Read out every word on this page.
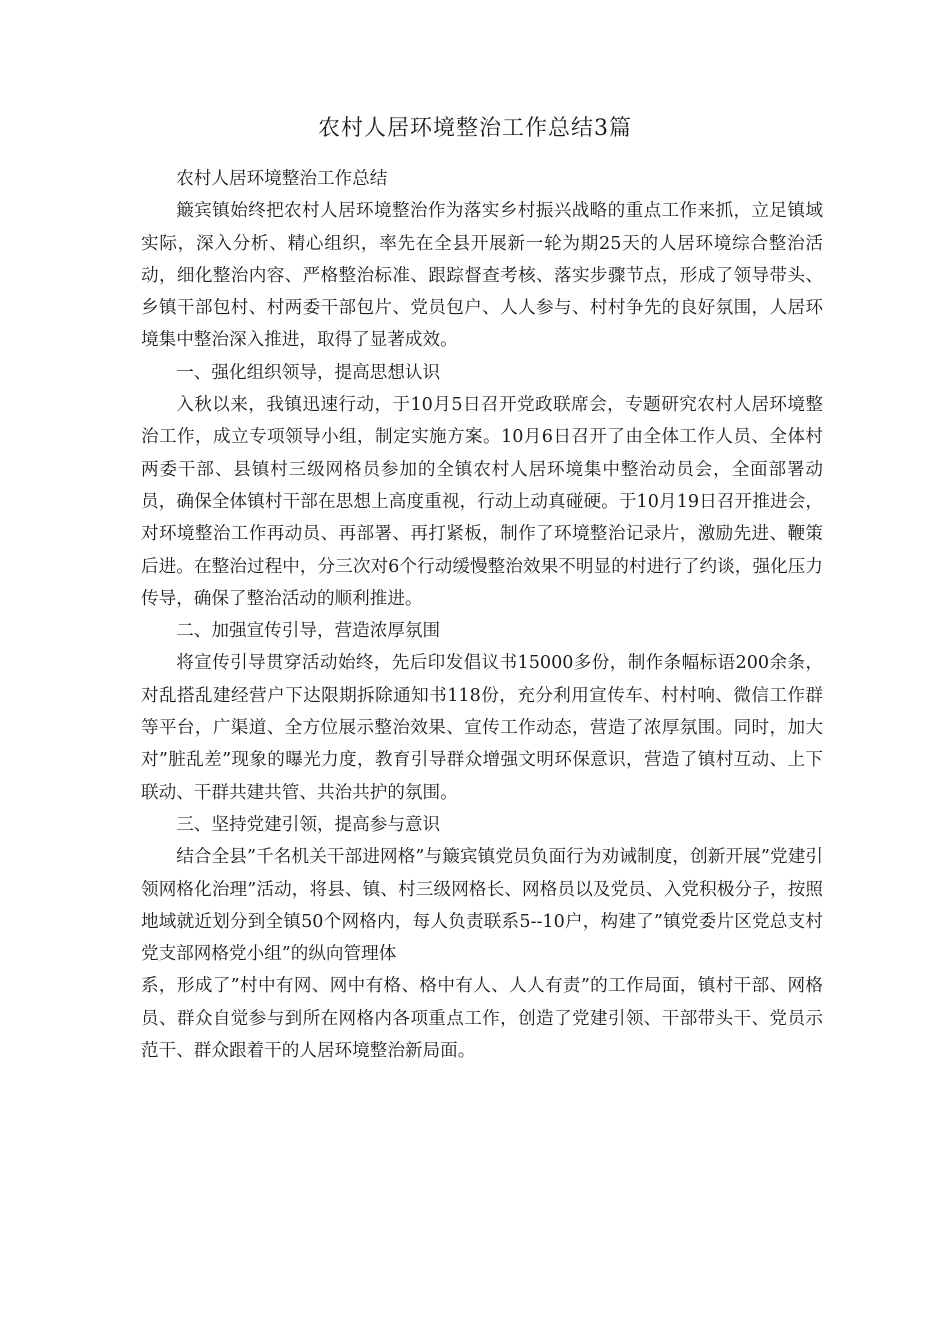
农村人居环境整治工作总结3篇

农村人居环境整治工作总结

簸宾镇始终把农村人居环境整治作为落实乡村振兴战略的重点工作来抓，立足镇域实际，深入分析、精心组织，率先在全县开展新一轮为期25天的人居环境综合整治活动，细化整治内容、严格整治标准、跟踪督查考核、落实步骤节点，形成了领导带头、乡镇干部包村、村两委干部包片、党员包户、人人参与、村村争先的良好氛围，人居环境集中整治深入推进，取得了显著成效。

一、强化组织领导，提高思想认识

入秋以来，我镇迅速行动，于10月5日召开党政联席会，专题研究农村人居环境整治工作，成立专项领导小组，制定实施方案。10月6日召开了由全体工作人员、全体村两委干部、县镇村三级网格员参加的全镇农村人居环境集中整治动员会，全面部署动员，确保全体镇村干部在思想上高度重视，行动上动真碰硬。于10月19日召开推进会，对环境整治工作再动员、再部署、再打紧板，制作了环境整治记录片，激励先进、鞭策后进。在整治过程中，分三次对6个行动缓慢整治效果不明显的村进行了约谈，强化压力传导，确保了整治活动的顺利推进。

二、加强宣传引导，营造浓厚氛围

将宣传引导贯穿活动始终，先后印发倡议书15000多份，制作条幅标语200余条，对乱搭乱建经营户下达限期拆除通知书118份，充分利用宣传车、村村响、微信工作群等平台，广渠道、全方位展示整治效果、宣传工作动态，营造了浓厚氛围。同时，加大对”脏乱差”现象的曝光力度，教育引导群众增强文明环保意识，营造了镇村互动、上下联动、干群共建共管、共治共护的氛围。

三、坚持党建引领，提高参与意识

结合全县”千名机关干部进网格”与簸宾镇党员负面行为劝诫制度，创新开展”党建引领网格化治理”活动，将县、镇、村三级网格长、网格员以及党员、入党积极分子，按照地域就近划分到全镇50个网格内，每人负责联系5--10户，构建了”镇党委片区党总支村党支部网格党小组”的纵向管理体

系，形成了”村中有网、网中有格、格中有人、人人有责”的工作局面，镇村干部、网格员、群众自觉参与到所在网格内各项重点工作，创造了党建引领、干部带头干、党员示范干、群众跟着干的人居环境整治新局面。
